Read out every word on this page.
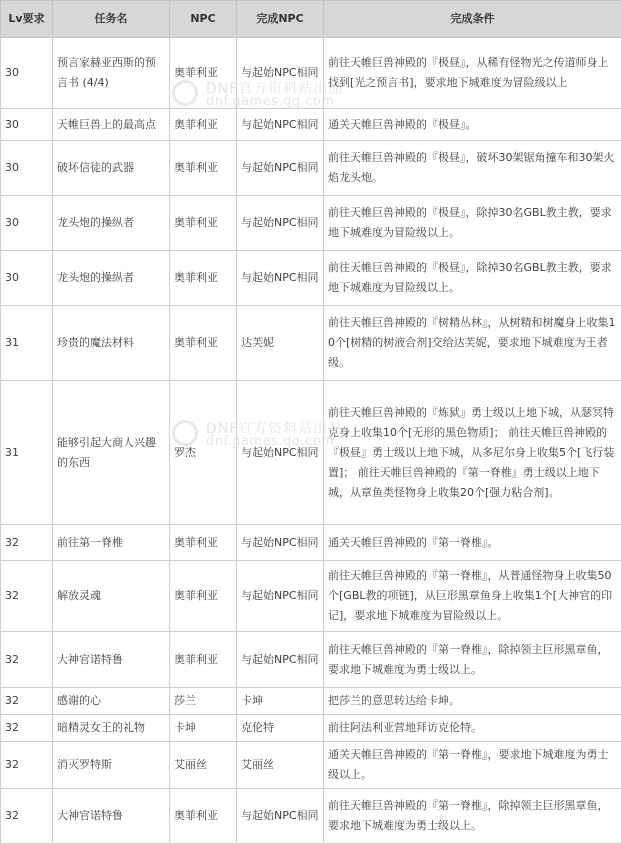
Lv要求	任务名	NPC	完成NPC	完成条件
30	预言家赫亚西斯的预言书 (4/4)	奥菲利亚	与起始NPC相同	前往天帷巨兽神殿的『极昼』，从稀有怪物光之传道师身上找到[光之预言书]，要求地下城难度为冒险级以上
30	天帷巨兽上的最高点	奥菲利亚	与起始NPC相同	通关天帷巨兽神殿的『极昼』。
30	破坏信徒的武器	奥菲利亚	与起始NPC相同	前往天帷巨兽神殿的『极昼』，破坏30架锯角撞车和30架火焰龙头炮。
30	龙头炮的操纵者	奥菲利亚	与起始NPC相同	前往天帷巨兽神殿的『极昼』，除掉30名GBL教主教，要求地下城难度为冒险级以上。
30	龙头炮的操纵者	奥菲利亚	与起始NPC相同	前往天帷巨兽神殿的『极昼』，除掉30名GBL教主教，要求地下城难度为冒险级以上。
31	珍贵的魔法材料	奥菲利亚	达芙妮	前往天帷巨兽神殿的『树精丛林』，从树精和树魔身上收集10个[树精的树液合剂]交给达芙妮，要求地下城难度为王者级。
31	能够引起大商人兴趣的东西	罗杰	与起始NPC相同	前往天帷巨兽神殿的『炼狱』勇士级以上地下城，从瑟冥特克身上收集10个[无形的黑色物质]； 前往天帷巨兽神殿的『极昼』勇士级以上地下城，从多尼尔身上收集5个[飞行装置]； 前往天帷巨兽神殿的『第一脊椎』勇士级以上地下城，从章鱼类怪物身上收集20个[强力粘合剂]。
32	前往第一脊椎	奥菲利亚	与起始NPC相同	通关天帷巨兽神殿的『第一脊椎』。
32	解放灵魂	奥菲利亚	与起始NPC相同	前往天帷巨兽神殿的『第一脊椎』，从普通怪物身上收集50个[GBL教的项链]，从巨形黑章鱼身上收集1个[大神官的印记]，要求地下城难度为冒险级以上。
32	大神官诺特鲁	奥菲利亚	与起始NPC相同	前往天帷巨兽神殿的『第一脊椎』，除掉领主巨形黑章鱼，要求地下城难度为勇士级以上。
32	感谢的心	莎兰	卡坤	把莎兰的意思转达给卡坤。
32	暗精灵女王的礼物	卡坤	克伦特	前往阿法利亚营地拜访克伦特。
32	消灭罗特斯	艾丽丝	艾丽丝	通关天帷巨兽神殿的『第一脊椎』，要求地下城难度为勇士级以上。
32	大神官诺特鲁	奥菲利亚	与起始NPC相同	前往天帷巨兽神殿的『第一脊椎』，除掉领主巨形黑章鱼，要求地下城难度为勇士级以上。
DNF官方资料站出品
dnf.games.qq.com
DNF官方资料站出品
dnf.games.qq.com
